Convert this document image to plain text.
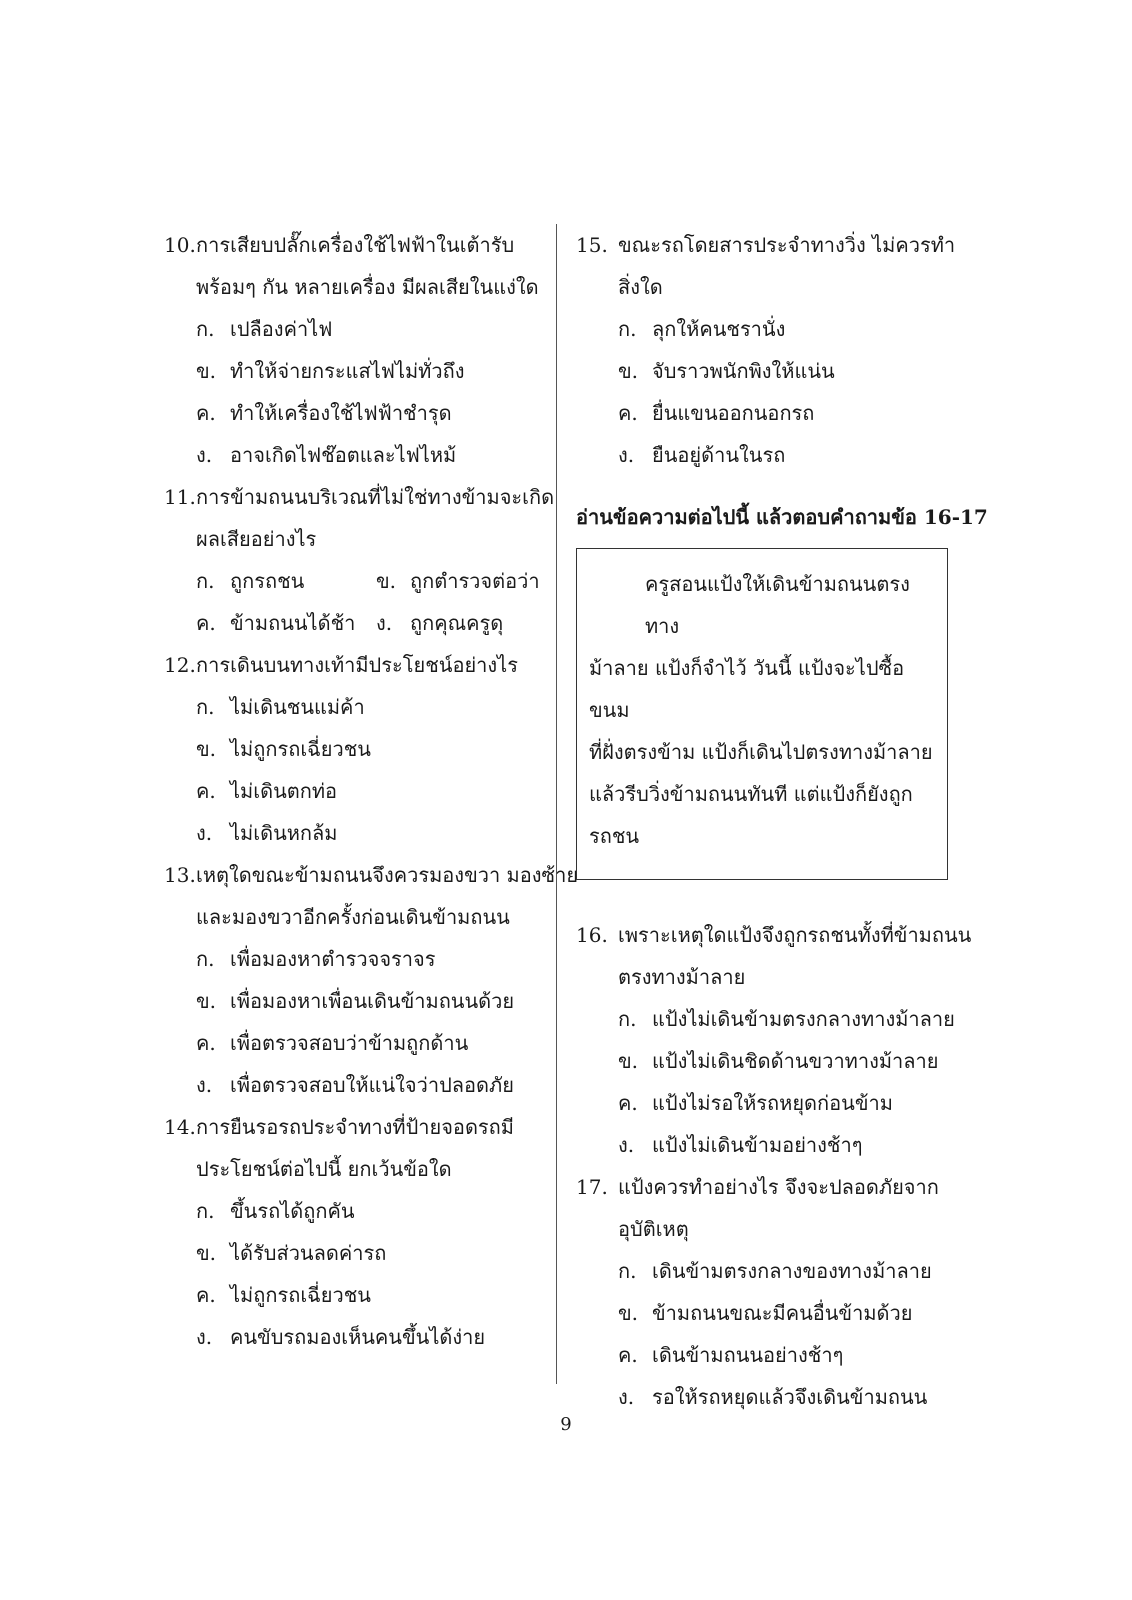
10.การเสียบปลั๊กเครื่องใช้ไฟฟ้าในเต้ารับ
พร้อมๆ กัน หลายเครื่อง มีผลเสียในแง่ใด
ก. เปลืองค่าไฟ
ข. ทำให้จ่ายกระแสไฟไม่ทั่วถึง
ค. ทำให้เครื่องใช้ไฟฟ้าชำรุด
ง. อาจเกิดไฟช๊อตและไฟไหม้
11.การข้ามถนนบริเวณที่ไม่ใช่ทางข้ามจะเกิด
ผลเสียอย่างไร
ก. ถูกรถชน	ข. ถูกตำรวจต่อว่า
ค. ข้ามถนนได้ช้า	ง. ถูกคุณครูดุ
12.การเดินบนทางเท้ามีประโยชน์อย่างไร
ก. ไม่เดินชนแม่ค้า
ข. ไม่ถูกรถเฉี่ยวชน
ค. ไม่เดินตกท่อ
ง. ไม่เดินหกล้ม
13.เหตุใดขณะข้ามถนนจึงควรมองขวา มองซ้าย
และมองขวาอีกครั้งก่อนเดินข้ามถนน
ก. เพื่อมองหาตำรวจจราจร
ข. เพื่อมองหาเพื่อนเดินข้ามถนนด้วย
ค. เพื่อตรวจสอบว่าข้ามถูกด้าน
ง. เพื่อตรวจสอบให้แน่ใจว่าปลอดภัย
14.การยืนรอรถประจำทางที่ป้ายจอดรถมี
ประโยชน์ต่อไปนี้ ยกเว้นข้อใด
ก. ขึ้นรถได้ถูกคัน
ข. ได้รับส่วนลดค่ารถ
ค. ไม่ถูกรถเฉี่ยวชน
ง. คนขับรถมองเห็นคนขึ้นได้ง่าย
15. ขณะรถโดยสารประจำทางวิ่ง ไม่ควรทำ
สิ่งใด
ก. ลุกให้คนชรานั่ง
ข. จับราวพนักพิงให้แน่น
ค. ยื่นแขนออกนอกรถ
ง. ยืนอยู่ด้านในรถ
อ่านข้อความต่อไปนี้ แล้วตอบคำถามข้อ 16-17
ครูสอนแป้งให้เดินข้ามถนนตรงทาง
ม้าลาย แป้งก็จำไว้ วันนี้ แป้งจะไปซื้อขนม
ที่ฝั่งตรงข้าม แป้งก็เดินไปตรงทางม้าลาย
แล้วรีบวิ่งข้ามถนนทันที แต่แป้งก็ยังถูก
รถชน
16. เพราะเหตุใดแป้งจึงถูกรถชนทั้งที่ข้ามถนน
ตรงทางม้าลาย
ก. แป้งไม่เดินข้ามตรงกลางทางม้าลาย
ข. แป้งไม่เดินชิดด้านขวาทางม้าลาย
ค. แป้งไม่รอให้รถหยุดก่อนข้าม
ง. แป้งไม่เดินข้ามอย่างช้าๆ
17. แป้งควรทำอย่างไร จึงจะปลอดภัยจาก
อุบัติเหตุ
ก. เดินข้ามตรงกลางของทางม้าลาย
ข. ข้ามถนนขณะมีคนอื่นข้ามด้วย
ค. เดินข้ามถนนอย่างช้าๆ
ง. รอให้รถหยุดแล้วจึงเดินข้ามถนน
9
